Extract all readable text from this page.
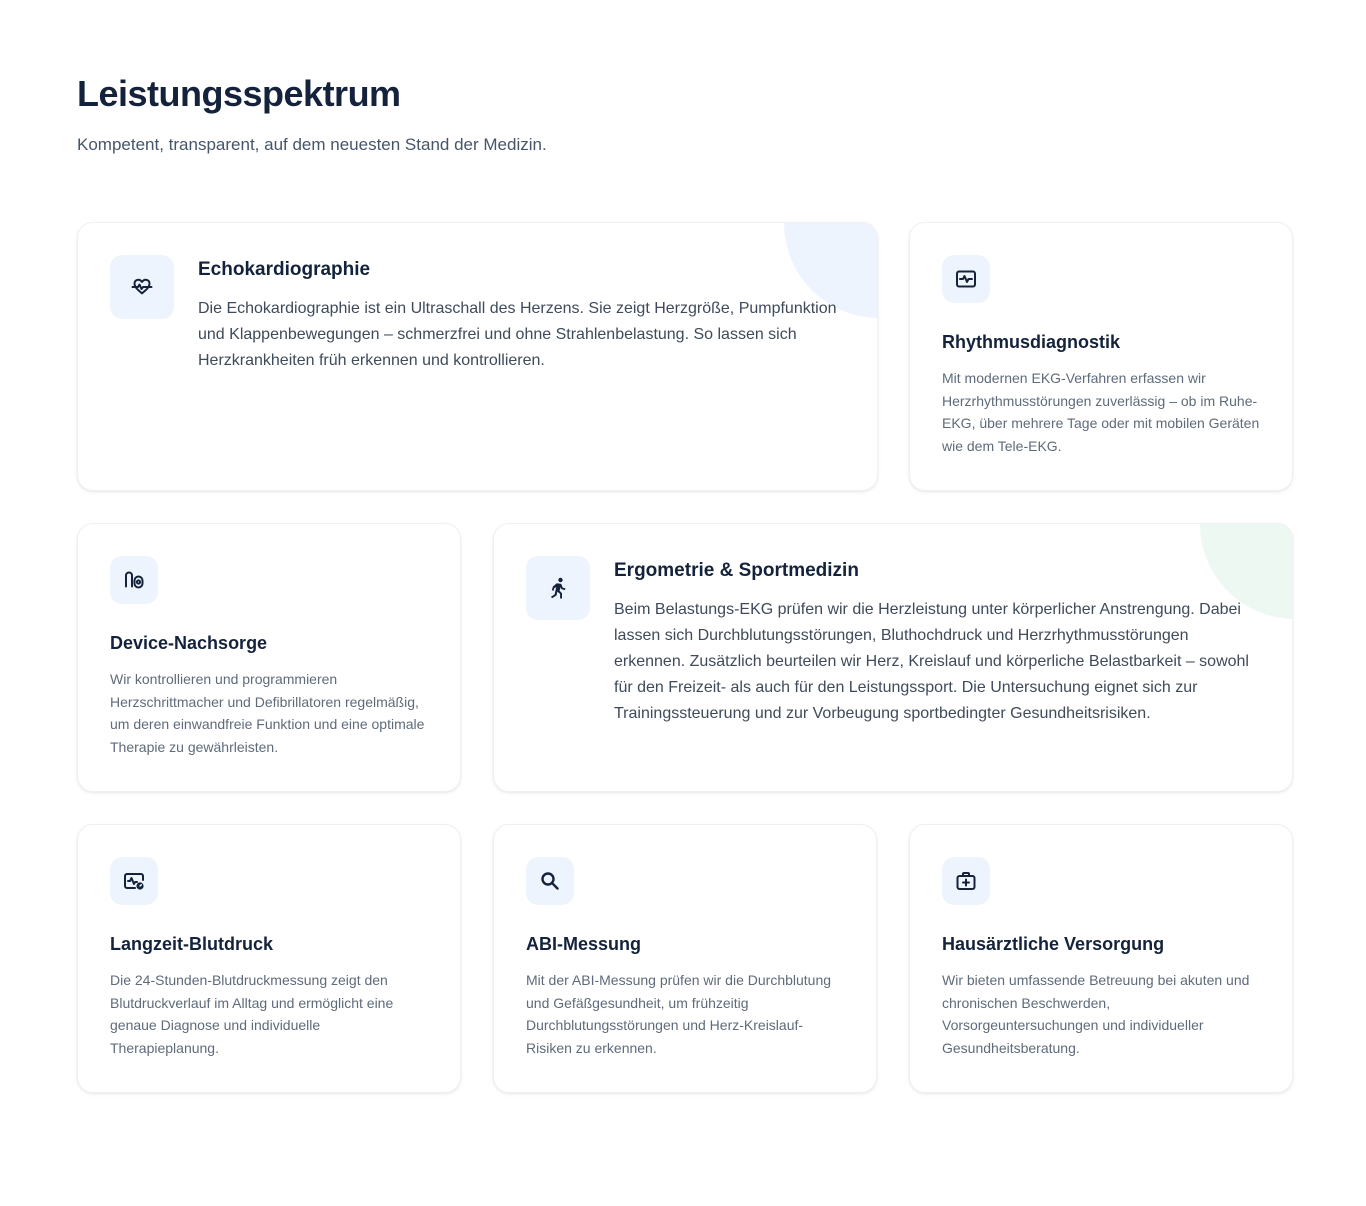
Leistungsspektrum

Kompetent, transparent, auf dem neuesten Stand der Medizin.

Echokardiographie

Die Echokardiographie ist ein Ultraschall des Herzens. Sie zeigt Herzgröße, Pumpfunktion und Klappenbewegungen – schmerzfrei und ohne Strahlenbelastung. So lassen sich Herzkrankheiten früh erkennen und kontrollieren.

Rhythmusdiagnostik

Mit modernen EKG-Verfahren erfassen wir Herzrhythmusstörungen zuverlässig – ob im Ruhe-EKG, über mehrere Tage oder mit mobilen Geräten wie dem Tele-EKG.

Device-Nachsorge

Wir kontrollieren und programmieren Herzschrittmacher und Defibrillatoren regelmäßig, um deren einwandfreie Funktion und eine optimale Therapie zu gewährleisten.

Ergometrie & Sportmedizin

Beim Belastungs-EKG prüfen wir die Herzleistung unter körperlicher Anstrengung. Dabei lassen sich Durchblutungsstörungen, Bluthochdruck und Herzrhythmusstörungen erkennen. Zusätzlich beurteilen wir Herz, Kreislauf und körperliche Belastbarkeit – sowohl für den Freizeit- als auch für den Leistungssport. Die Untersuchung eignet sich zur Trainingssteuerung und zur Vorbeugung sportbedingter Gesundheitsrisiken.

Langzeit-Blutdruck

Die 24-Stunden-Blutdruckmessung zeigt den Blutdruckverlauf im Alltag und ermöglicht eine genaue Diagnose und individuelle Therapieplanung.

ABI-Messung

Mit der ABI-Messung prüfen wir die Durchblutung und Gefäßgesundheit, um frühzeitig Durchblutungsstörungen und Herz-Kreislauf-Risiken zu erkennen.

Hausärztliche Versorgung

Wir bieten umfassende Betreuung bei akuten und chronischen Beschwerden, Vorsorgeuntersuchungen und individueller Gesundheitsberatung.
